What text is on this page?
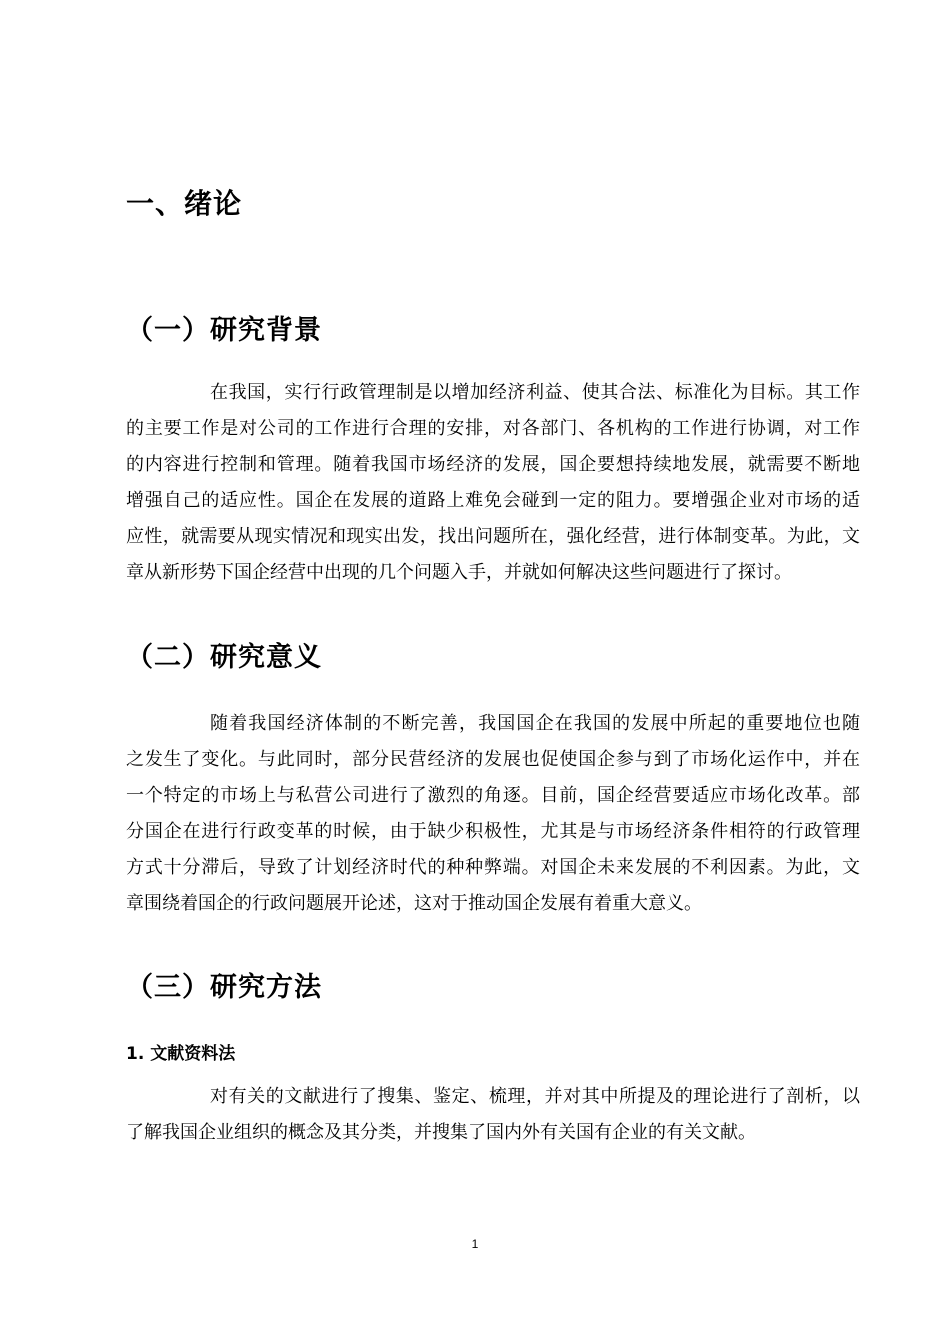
一、绪论
（一）研究背景
在我国，实行行政管理制是以增加经济利益、使其合法、标准化为目标。其工作
的主要工作是对公司的工作进行合理的安排，对各部门、各机构的工作进行协调，对工作
的内容进行控制和管理。随着我国市场经济的发展，国企要想持续地发展，就需要不断地
增强自己的适应性。国企在发展的道路上难免会碰到一定的阻力。要增强企业对市场的适
应性，就需要从现实情况和现实出发，找出问题所在，强化经营，进行体制变革。为此，文
章从新形势下国企经营中出现的几个问题入手，并就如何解决这些问题进行了探讨。
（二）研究意义
随着我国经济体制的不断完善，我国国企在我国的发展中所起的重要地位也随
之发生了变化。与此同时，部分民营经济的发展也促使国企参与到了市场化运作中，并在
一个特定的市场上与私营公司进行了激烈的角逐。目前，国企经营要适应市场化改革。部
分国企在进行行政变革的时候，由于缺少积极性，尤其是与市场经济条件相符的行政管理
方式十分滞后，导致了计划经济时代的种种弊端。对国企未来发展的不利因素。为此，文
章围绕着国企的行政问题展开论述，这对于推动国企发展有着重大意义。
（三）研究方法
1. 文献资料法
对有关的文献进行了搜集、鉴定、梳理，并对其中所提及的理论进行了剖析，以
了解我国企业组织的概念及其分类，并搜集了国内外有关国有企业的有关文献。
1
